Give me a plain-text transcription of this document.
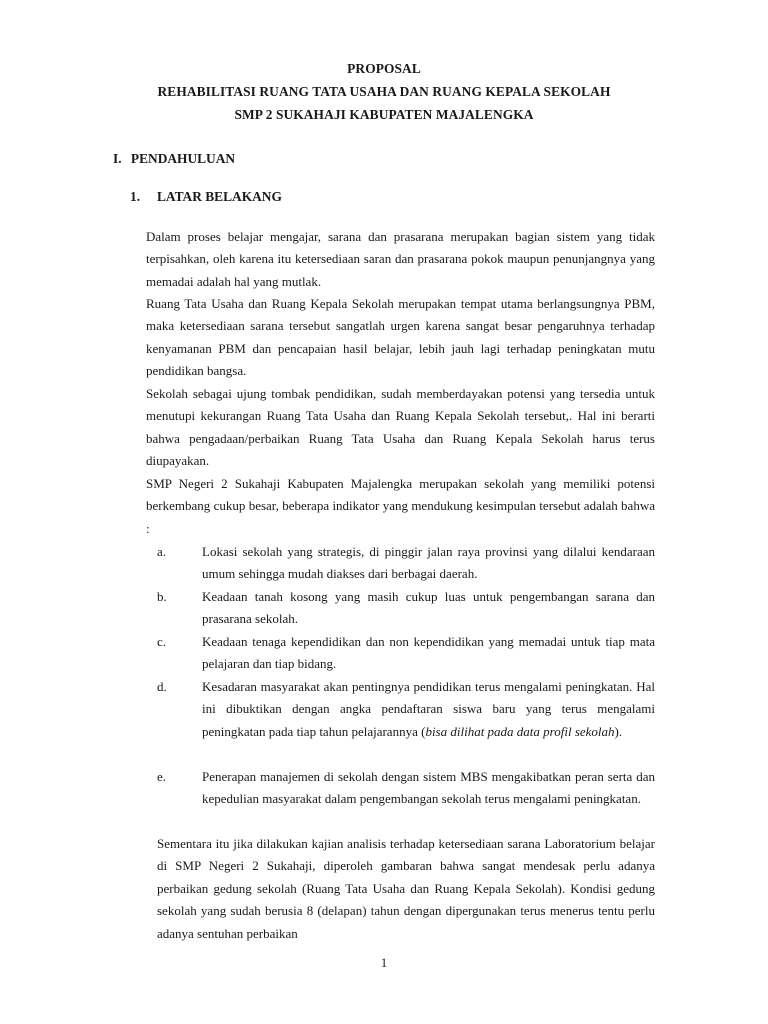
PROPOSAL
REHABILITASI RUANG TATA USAHA DAN RUANG KEPALA SEKOLAH
SMP 2 SUKAHAJI KABUPATEN MAJALENGKA
I. PENDAHULUAN
1. LATAR BELAKANG

Dalam proses belajar mengajar, sarana dan prasarana merupakan bagian sistem yang tidak terpisahkan, oleh karena itu ketersediaan saran dan prasarana pokok maupun penunjangnya yang memadai adalah hal yang mutlak.

Ruang Tata Usaha dan Ruang Kepala Sekolah merupakan tempat utama berlangsungnya PBM, maka ketersediaan sarana tersebut sangatlah urgen karena sangat besar pengaruhnya terhadap kenyamanan PBM dan pencapaian hasil belajar, lebih jauh lagi terhadap peningkatan mutu pendidikan bangsa.

Sekolah sebagai ujung tombak pendidikan, sudah memberdayakan potensi yang tersedia untuk menutupi kekurangan Ruang Tata Usaha dan Ruang Kepala Sekolah tersebut,. Hal ini berarti bahwa pengadaan/perbaikan Ruang Tata Usaha dan Ruang Kepala Sekolah harus terus diupayakan.

SMP Negeri 2 Sukahaji Kabupaten Majalengka merupakan sekolah yang memiliki potensi berkembang cukup besar, beberapa indikator yang mendukung kesimpulan tersebut adalah bahwa :

a.	Lokasi sekolah yang strategis, di pinggir jalan raya provinsi yang dilalui kendaraan umum sehingga mudah diakses dari berbagai daerah.

b.	Keadaan tanah kosong yang masih cukup luas untuk pengembangan sarana dan prasarana sekolah.

c.	Keadaan tenaga kependidikan dan non kependidikan yang memadai untuk tiap mata pelajaran dan tiap bidang.

d.	Kesadaran masyarakat akan pentingnya pendidikan terus mengalami peningkatan. Hal ini dibuktikan dengan angka pendaftaran siswa baru yang terus mengalami peningkatan pada tiap tahun pelajarannya (bisa dilihat pada data profil sekolah).

e.	Penerapan manajemen di sekolah dengan sistem MBS mengakibatkan peran serta dan kepedulian masyarakat dalam pengembangan sekolah terus mengalami peningkatan.

Sementara itu jika dilakukan kajian analisis terhadap ketersediaan sarana Laboratorium belajar di SMP Negeri 2 Sukahaji, diperoleh gambaran bahwa sangat mendesak perlu adanya perbaikan gedung sekolah (Ruang Tata Usaha dan Ruang Kepala Sekolah). Kondisi gedung sekolah yang sudah berusia 8 (delapan) tahun dengan dipergunakan terus menerus tentu perlu adanya sentuhan perbaikan

1
